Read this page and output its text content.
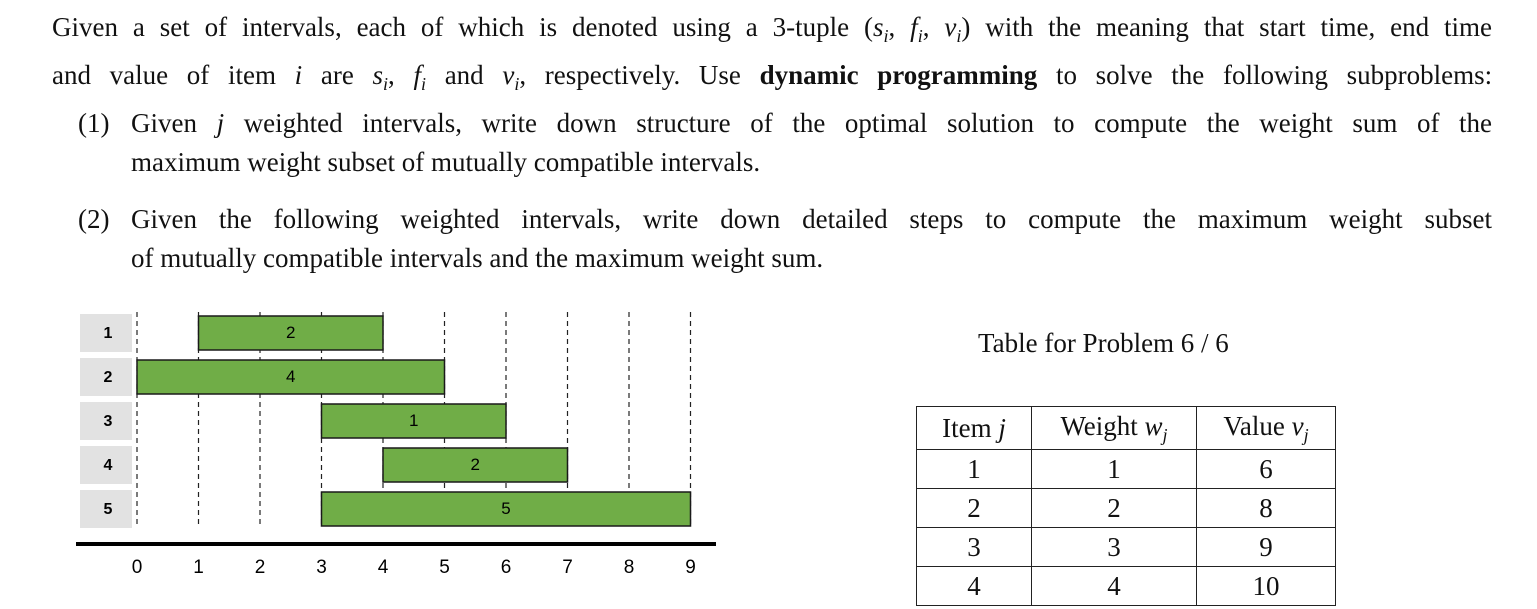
Given a set of intervals, each of which is denoted using a 3-tuple ($s_i$, $f_i$, $v_i$) with the meaning that start time, end time

and value of item i are $s_i$, $f_i$ and $v_i$, respectively. Use dynamic programming to solve the following subproblems:

(1) Given j weighted intervals, write down structure of the optimal solution to compute the weight sum of the
maximum weight subset of mutually compatible intervals.
(2) Given the following weighted intervals, write down detailed steps to compute the maximum weight subset
of mutually compatible intervals and the maximum weight sum.
1
2
3
4
5
2
4
1
2
5
0	1	2	3	4	5	6	7	8	9
Table for Problem 6 / 6
Item j	Weight $w_j$	Value $v_j$
1	1	6
2	2	8
3	3	9
4	4	10
